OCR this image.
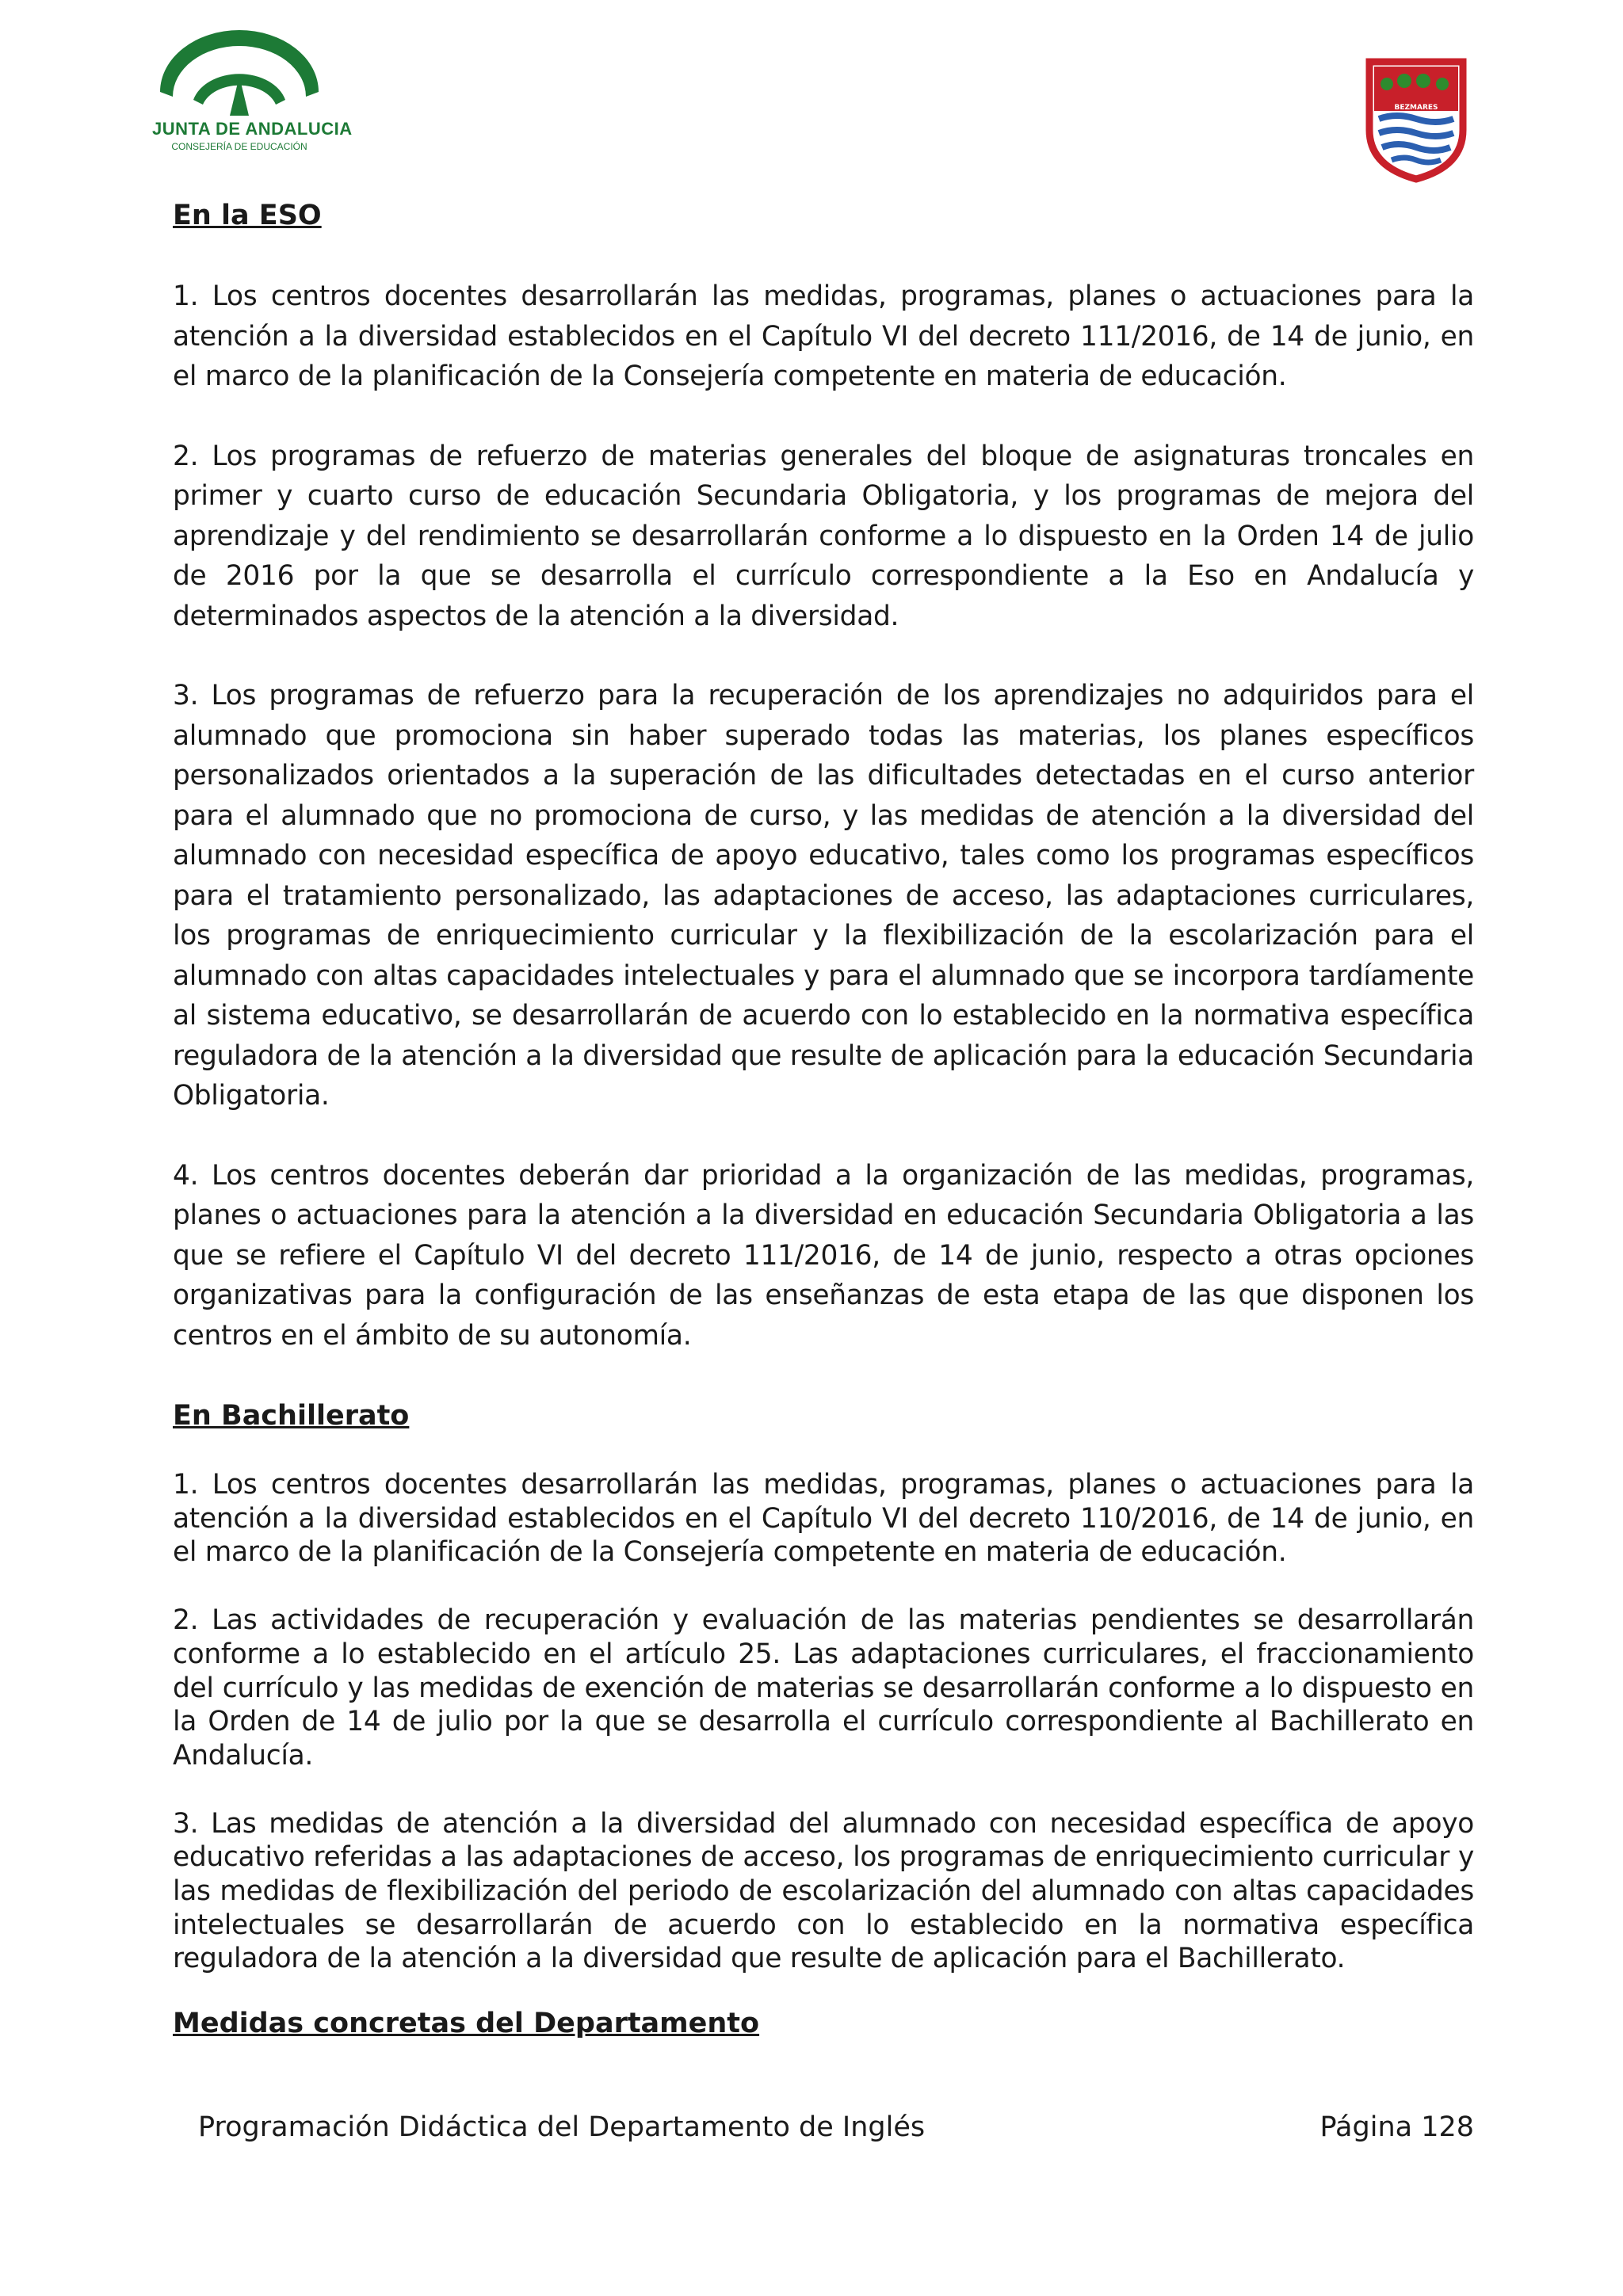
JUNTA DE ANDALUCIA
CONSEJERÍA DE EDUCACIÓN
BEZMARES
En la ESO

1. Los centros docentes desarrollarán las medidas, programas, planes o actuaciones para la atención a la diversidad establecidos en el Capítulo VI del decreto 111/2016, de 14 de junio, en el marco de la planificación de la Consejería competente en materia de educación.

2. Los programas de refuerzo de materias generales del bloque de asignaturas troncales en primer y cuarto curso de educación Secundaria Obligatoria, y los programas de mejora del aprendizaje y del rendimiento se desarrollarán conforme a lo dispuesto en la Orden 14 de julio de 2016 por la que se desarrolla el currículo correspondiente a la Eso en Andalucía y determinados aspectos de la atención a la diversidad.

3. Los programas de refuerzo para la recuperación de los aprendizajes no adquiridos para el alumnado que promociona sin haber superado todas las materias, los planes específicos personalizados orientados a la superación de las dificultades detectadas en el curso anterior para el alumnado que no promociona de curso, y las medidas de atención a la diversidad del alumnado con necesidad específica de apoyo educativo, tales como los programas específicos para el tratamiento personalizado, las adaptaciones de acceso, las adaptaciones curriculares, los programas de enriquecimiento curricular y la flexibilización de la escolarización para el alumnado con altas capacidades intelectuales y para el alumnado que se incorpora tardíamente al sistema educativo, se desarrollarán de acuerdo con lo establecido en la normativa específica reguladora de la atención a la diversidad que resulte de aplicación para la educación Secundaria Obligatoria.

4. Los centros docentes deberán dar prioridad a la organización de las medidas, programas, planes o actuaciones para la atención a la diversidad en educación Secundaria Obligatoria a las que se refiere el Capítulo VI del decreto 111/2016, de 14 de junio, respecto a otras opciones organizativas para la configuración de las enseñanzas de esta etapa de las que disponen los centros en el ámbito de su autonomía.

En Bachillerato

1. Los centros docentes desarrollarán las medidas, programas, planes o actuaciones para la atención a la diversidad establecidos en el Capítulo VI del decreto 110/2016, de 14 de junio, en el marco de la planificación de la Consejería competente en materia de educación.

2. Las actividades de recuperación y evaluación de las materias pendientes se desarrollarán conforme a lo establecido en el artículo 25. Las adaptaciones curriculares, el fraccionamiento del currículo y las medidas de exención de materias se desarrollarán conforme a lo dispuesto en la Orden de 14 de julio por la que se desarrolla el currículo correspondiente al Bachillerato en Andalucía.

3. Las medidas de atención a la diversidad del alumnado con necesidad específica de apoyo educativo referidas a las adaptaciones de acceso, los programas de enriquecimiento curricular y las medidas de flexibilización del periodo de escolarización del alumnado con altas capacidades intelectuales se desarrollarán de acuerdo con lo establecido en la normativa específica reguladora de la atención a la diversidad que resulte de aplicación para el Bachillerato.

Medidas concretas del Departamento
Programación Didáctica del Departamento de Inglés	Página 128
